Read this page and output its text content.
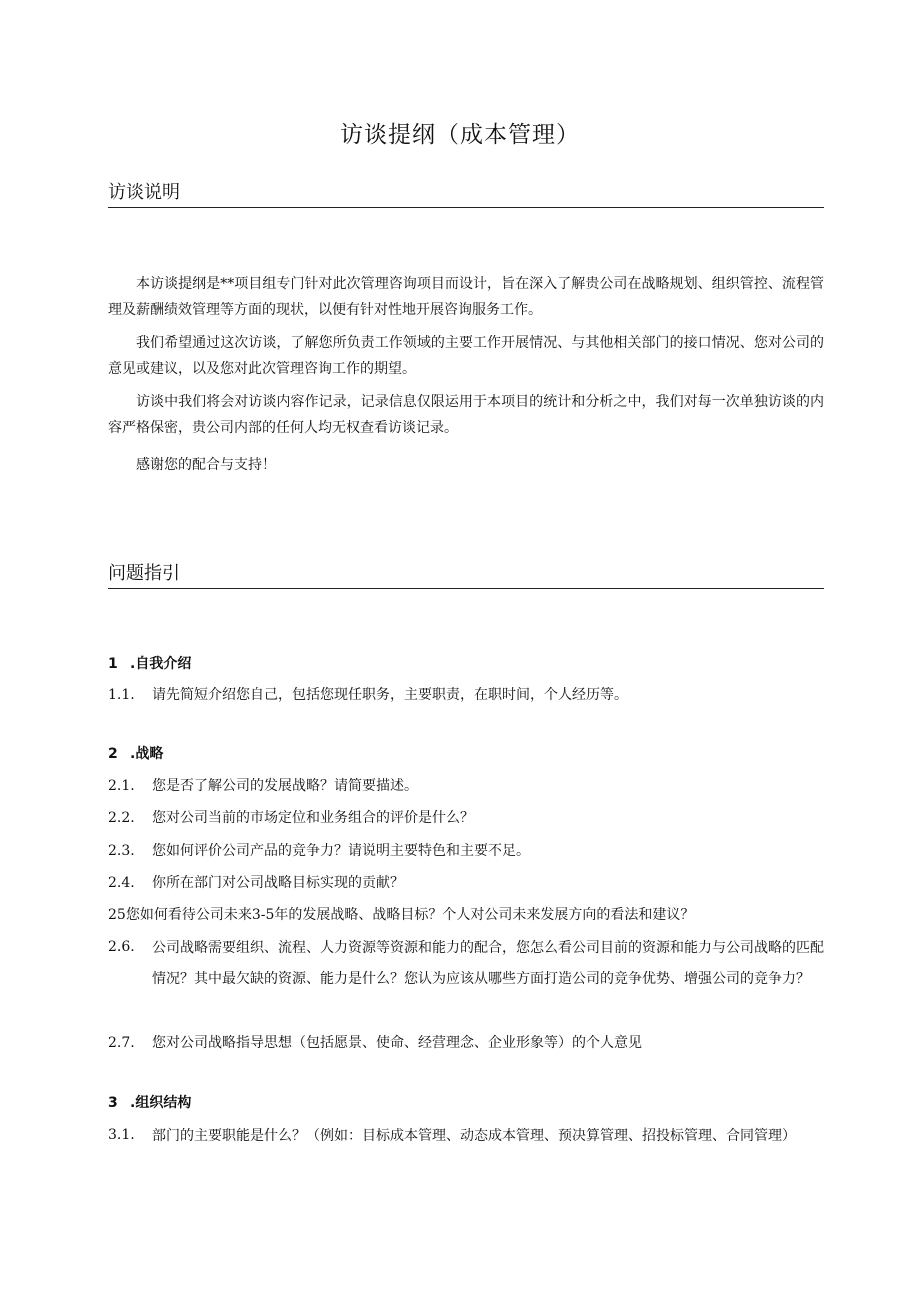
访谈提纲（成本管理）
访谈说明

本访谈提纲是**项目组专门针对此次管理咨询项目而设计，旨在深入了解贵公司在战略规划、组织管控、流程管理及薪酬绩效管理等方面的现状，以便有针对性地开展咨询服务工作。

我们希望通过这次访谈，了解您所负责工作领域的主要工作开展情况、与其他相关部门的接口情况、您对公司的意见或建议，以及您对此次管理咨询工作的期望。

访谈中我们将会对访谈内容作记录，记录信息仅限运用于本项目的统计和分析之中，我们对每一次单独访谈的内容严格保密，贵公司内部的任何人均无权查看访谈记录。

感谢您的配合与支持！

问题指引
1 .自我介绍
1.1.	请先简短介绍您自己，包括您现任职务，主要职责，在职时间，个人经历等。
2 .战略
2.1.	您是否了解公司的发展战略？请简要描述。
2.2.	您对公司当前的市场定位和业务组合的评价是什么？
2.3.	您如何评价公司产品的竞争力？请说明主要特色和主要不足。
2.4.	你所在部门对公司战略目标实现的贡献？
25您如何看待公司未来3-5年的发展战略、战略目标？个人对公司未来发展方向的看法和建议？
2.6.	公司战略需要组织、流程、人力资源等资源和能力的配合，您怎么看公司目前的资源和能力与公司战略的匹配情况？其中最欠缺的资源、能力是什么？您认为应该从哪些方面打造公司的竞争优势、增强公司的竞争力？
2.7.	您对公司战略指导思想（包括愿景、使命、经营理念、企业形象等）的个人意见
3 .组织结构
3.1.	部门的主要职能是什么？（例如：目标成本管理、动态成本管理、预决算管理、招投标管理、合同管理）
